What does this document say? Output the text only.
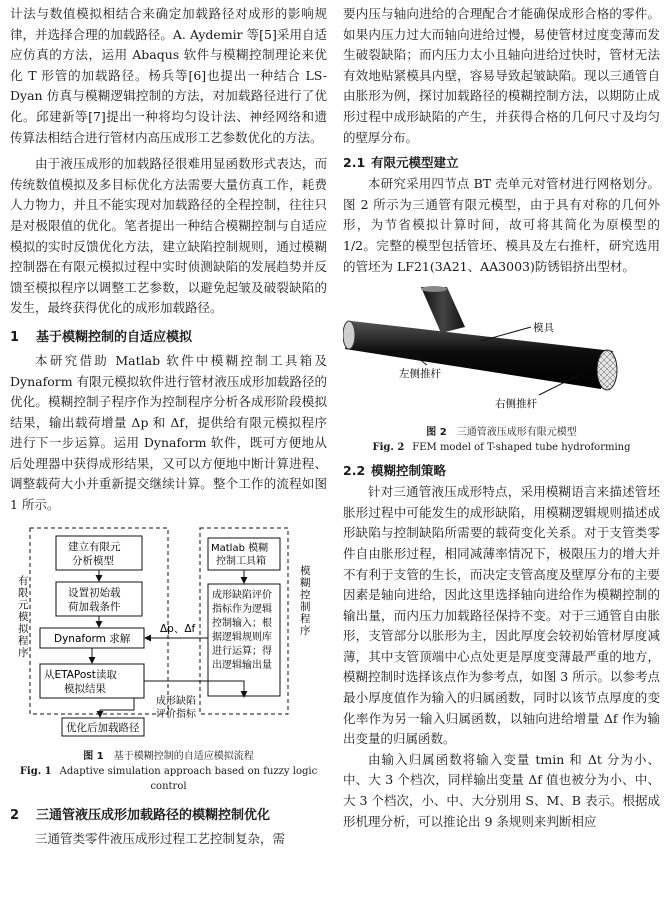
计法与数值模拟相结合来确定加载路径对成形的影响规律，并选择合理的加载路径。A. Aydemir 等[5]采用自适应仿真的方法，运用 Abaqus 软件与模糊控制理论来优化 T 形管的加载路径。杨兵等[6]也提出一种结合 LS-Dyan 仿真与模糊逻辑控制的方法，对加载路径进行了优化。邱建新等[7]提出一种将均匀设计法、神经网络和遗传算法相结合进行管材内高压成形工艺参数优化的方法。

由于液压成形的加载路径很难用显函数形式表达，而传统数值模拟及多目标优化方法需要大量仿真工作，耗费人力物力，并且不能实现对加载路径的全程控制，往往只是对极限值的优化。笔者提出一种结合模糊控制与自适应模拟的实时反馈优化方法，建立缺陷控制规则，通过模糊控制器在有限元模拟过程中实时侦测缺陷的发展趋势并反馈至模拟程序以调整工艺参数，以避免起皱及破裂缺陷的发生，最终获得优化的成形加载路径。

1 基于模糊控制的自适应模拟

本研究借助 Matlab 软件中模糊控制工具箱及 Dynaform 有限元模拟软件进行管材液压成形加载路径的优化。模糊控制子程序作为控制程序分析各成形阶段模拟结果，输出载荷增量 Δp 和 Δf，提供给有限元模拟程序进行下一步运算。运用 Dynaform 软件，既可方便地从后处理器中获得成形结果，又可以方便地中断计算进程、调整载荷大小并重新提交继续计算。整个工作的流程如图 1 所示。

有限元模拟程序
模糊控制程序
建立有限元分析模型
设置初始载荷加载条件
Dynaform 求解
从ETAPost读取模拟结果
优化后加载路径
Matlab 模糊控制工具箱
成形缺陷评价指标作为逻辑控制输入；根据逻辑规则库进行运算；得出逻辑输出量
Δp、Δf
成形缺陷评价指标
图 1 基于模糊控制的自适应模拟流程
Fig. 1 Adaptive simulation approach based on fuzzy logic control
2 三通管液压成形加载路径的模糊控制优化

三通管类零件液压成形过程工艺控制复杂，需

要内压与轴向进给的合理配合才能确保成形合格的零件。如果内压力过大而轴向进给过慢，易使管材过度变薄而发生破裂缺陷；而内压力太小且轴向进给过快时，管材无法有效地贴紧模具内壁，容易导致起皱缺陷。现以三通管自由胀形为例，探讨加载路径的模糊控制方法，以期防止成形过程中成形缺陷的产生，并获得合格的几何尺寸及均匀的壁厚分布。

2.1 有限元模型建立

本研究采用四节点 BT 壳单元对管材进行网格划分。图 2 所示为三通管有限元模型，由于具有对称的几何外形，为节省模拟计算时间，故可将其简化为原模型的 1/2。完整的模型包括管坯、模具及左右推杆，研究选用的管坯为 LF21(3A21、AA3003)防锈铝挤出型材。

模具
左侧推杆
右侧推杆
图 2 三通管液压成形有限元模型
Fig. 2 FEM model of T-shaped tube hydroforming
2.2 模糊控制策略

针对三通管液压成形特点，采用模糊语言来描述管坯胀形过程中可能发生的成形缺陷，用模糊逻辑规则描述成形缺陷与控制缺陷所需要的载荷变化关系。对于支管类零件自由胀形过程，相同减薄率情况下，极限压力的增大并不有利于支管的生长，而决定支管高度及壁厚分布的主要因素是轴向进给，因此这里选择轴向进给作为模糊控制的输出量，而内压力加载路径保持不变。对于三通管自由胀形，支管部分以胀形为主，因此厚度会较初始管材厚度减薄，其中支管顶端中心点处更是厚度变薄最严重的地方，模糊控制时选择该点作为参考点，如图 3 所示。以参考点最小厚度值作为输入的归属函数，同时以该节点厚度的变化率作为另一输入归属函数，以轴向进给增量 Δf 作为输出变量的归属函数。

由输入归属函数将输入变量 tmin 和 Δt 分为小、中、大 3 个档次，同样输出变量 Δf 值也被分为小、中、大 3 个档次，小、中、大分别用 S、M、B 表示。根据成形机理分析，可以推论出 9 条规则来判断相应
